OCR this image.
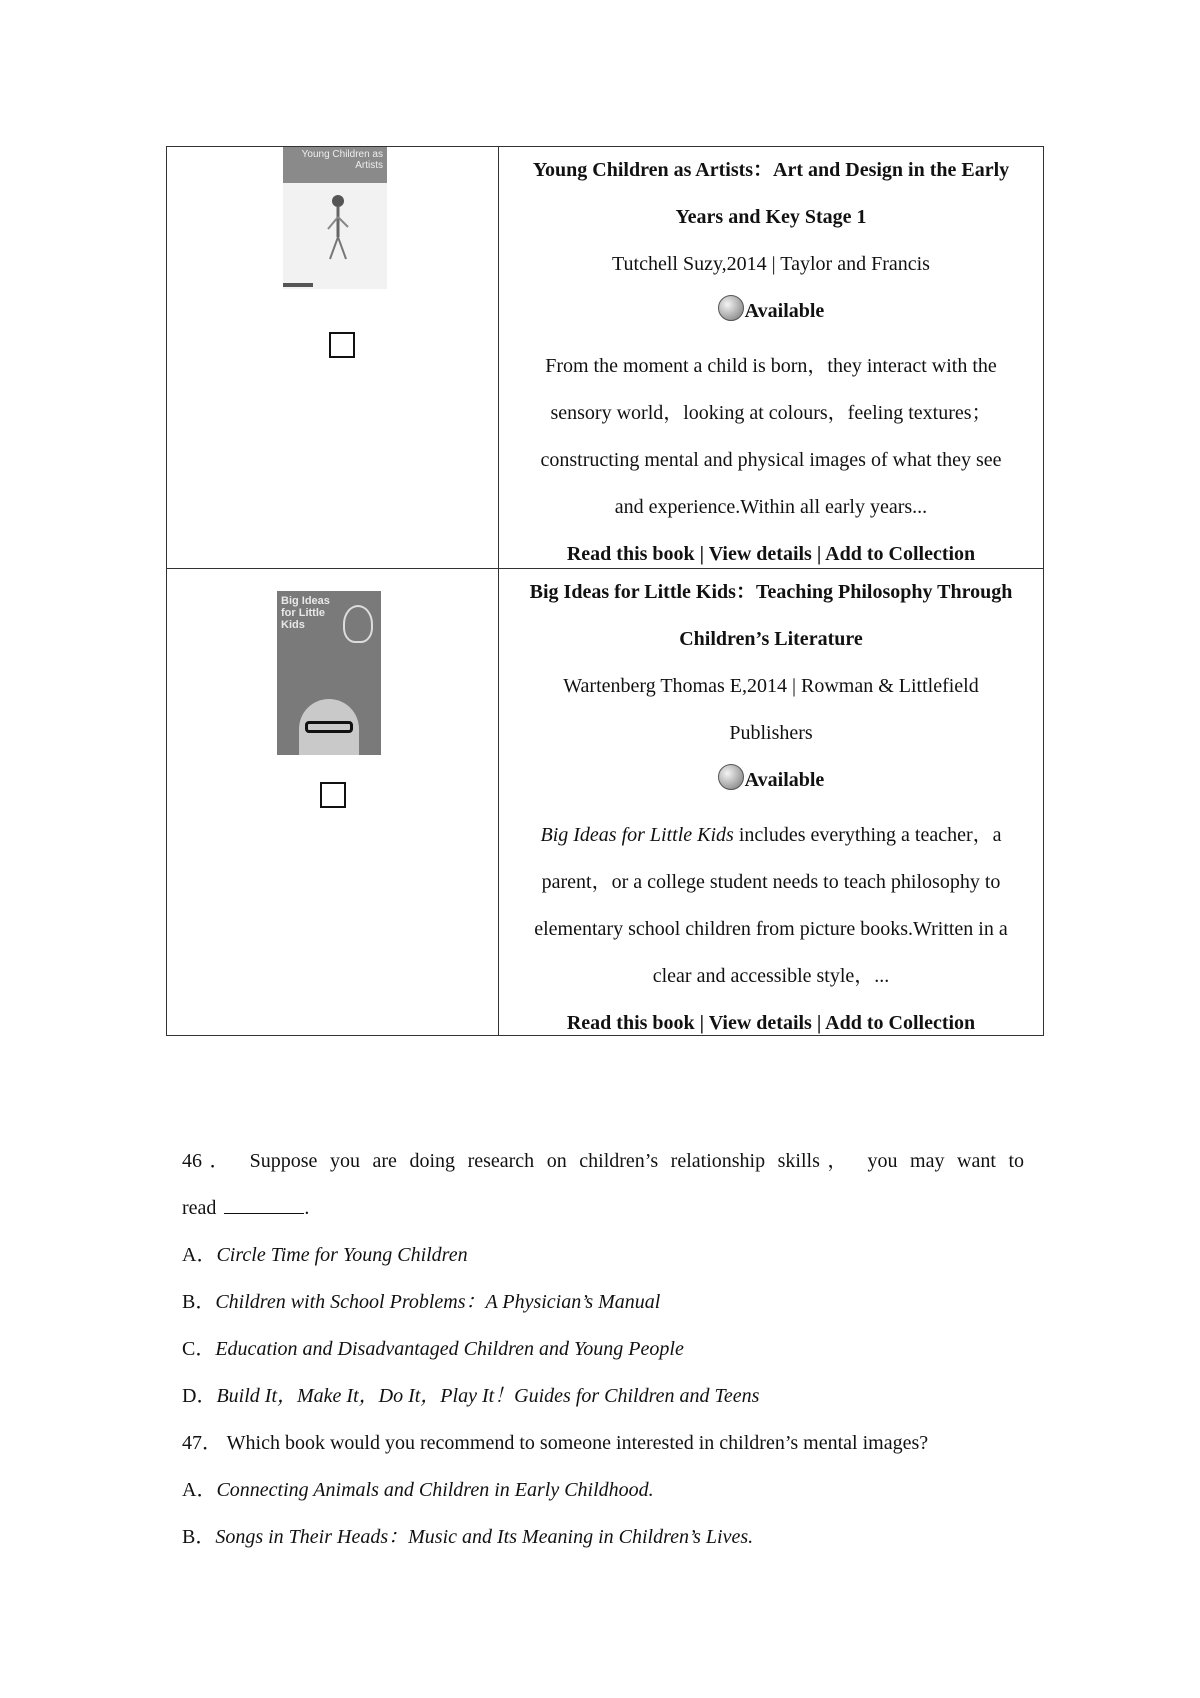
Young Children as Artists	Young Children as Artists：Art and Design in the Early
Years and Key Stage 1
Tutchell Suzy,2014 | Taylor and Francis
Available
From the moment a child is born，they interact with the
sensory world，looking at colours，feeling textures；
constructing mental and physical images of what they see
and experience.Within all early years...
Read this book | View details | Add to Collection
Big Ideas for Little Kids
Big Ideas for Little Kids：Teaching Philosophy Through
Children’s Literature
Wartenberg Thomas E,2014 | Rowman & Littlefield
Publishers
Available
Big Ideas for Little Kids includes everything a teacher，a
parent，or a college student needs to teach philosophy to
elementary school children from picture books.Written in a
clear and accessible style，...
Read this book | View details | Add to Collection
46． Suppose you are doing research on children’s relationship skills， you may want to
read	.
A．Circle Time for Young Children
B．Children with School Problems：A Physician’s Manual
C．Education and Disadvantaged Children and Young People
D．Build It，Make It，Do It，Play It！Guides for Children and Teens
47． Which book would you recommend to someone interested in children’s mental images?
A．Connecting Animals and Children in Early Childhood.
B．Songs in Their Heads：Music and Its Meaning in Children’s Lives.
